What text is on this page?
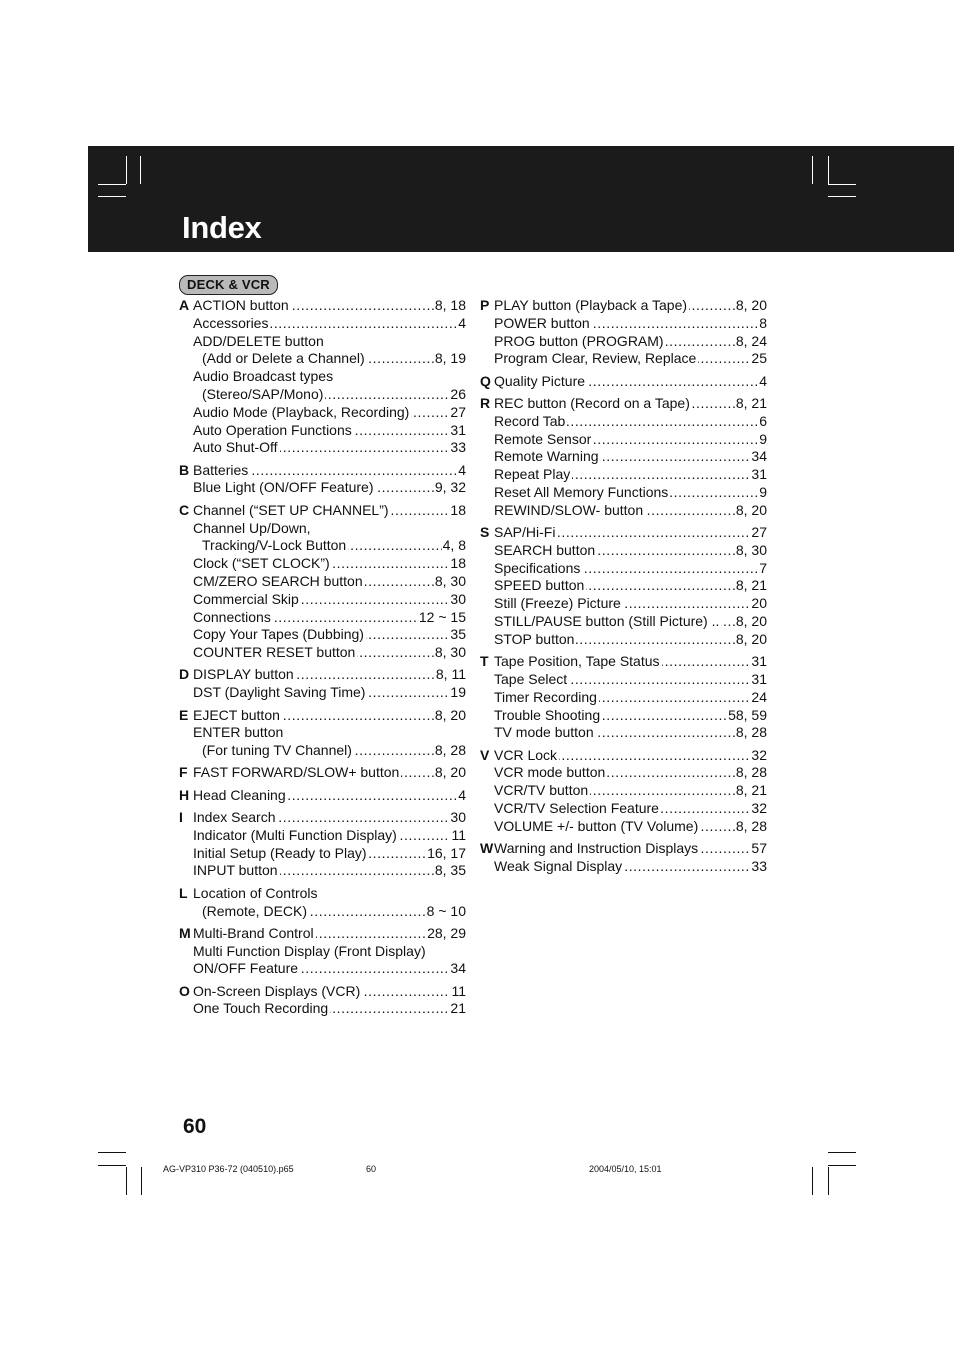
Index
DECK & VCR
A ..... ACTION button	8, 18
.....
Accessories	4
ADD/DELETE button
.....
(Add or Delete a Channel)	8, 19
Audio Broadcast types
.....
(Stereo/SAP/Mono)	26
.....
Audio Mode (Playback, Recording)	27
.....
Auto Operation Functions	31
.....
Auto Shut-Off	33
B ..... Batteries	4
.....
Blue Light (ON/OFF Feature)	9, 32
C ..... Channel (“SET UP CHANNEL”)	18
Channel Up/Down,
.....
Tracking/V-Lock Button	4, 8
.....
Clock (“SET CLOCK”)	18
.....
CM/ZERO SEARCH button	8, 30
.....
Commercial Skip	30
.....
Connections	12 ~ 15
.....
Copy Your Tapes (Dubbing)	35
.....
COUNTER RESET button	8, 30
D ..... DISPLAY button	8, 11
.....
DST (Daylight Saving Time)	19
E ..... EJECT button	8, 20
ENTER button
.....
(For tuning TV Channel)	8, 28
F ..... FAST FORWARD/SLOW+ button	8, 20
H ..... Head Cleaning	4
I ..... Index Search	30
.....
Indicator (Multi Function Display)	11
.....
Initial Setup (Ready to Play)	16, 17
.....
INPUT button	8, 35
L Location of Controls
.....
(Remote, DECK)	8 ~ 10
M ..... Multi-Brand Control	28, 29
Multi Function Display (Front Display)
.....
ON/OFF Feature	34
O ..... On-Screen Displays (VCR)	11
.....
One Touch Recording	21
P ..... PLAY button (Playback a Tape)	8, 20
.....
POWER button	8
.....
PROG button (PROGRAM)	8, 24
.....
Program Clear, Review, Replace	25
Q ..... Quality Picture	4
R ..... REC button (Record on a Tape)	8, 21
.....
Record Tab	6
.....
Remote Sensor	9
.....
Remote Warning	34
.....
Repeat Play	31
.....
Reset All Memory Functions	9
.....
REWIND/SLOW- button	8, 20
S ..... SAP/Hi-Fi	27
.....
SEARCH button	8, 30
.....
Specifications	7
.....
SPEED button	8, 21
.....
Still (Freeze) Picture	20
.....
STILL/PAUSE button (Still Picture) .. 8, 20
.....
STOP button	8, 20
T ..... Tape Position, Tape Status	31
.....
Tape Select	31
.....
Timer Recording	24
.....
Trouble Shooting	58, 59
.....
TV mode button	8, 28
V ..... VCR Lock	32
.....
VCR mode button	8, 28
.....
VCR/TV button	8, 21
.....
VCR/TV Selection Feature	32
.....
VOLUME +/- button (TV Volume)	8, 28
W ..... Warning and Instruction Displays	57
.....
Weak Signal Display	33
60
AG-VP310 P36-72 (040510).p65	60	2004/05/10, 15:01
